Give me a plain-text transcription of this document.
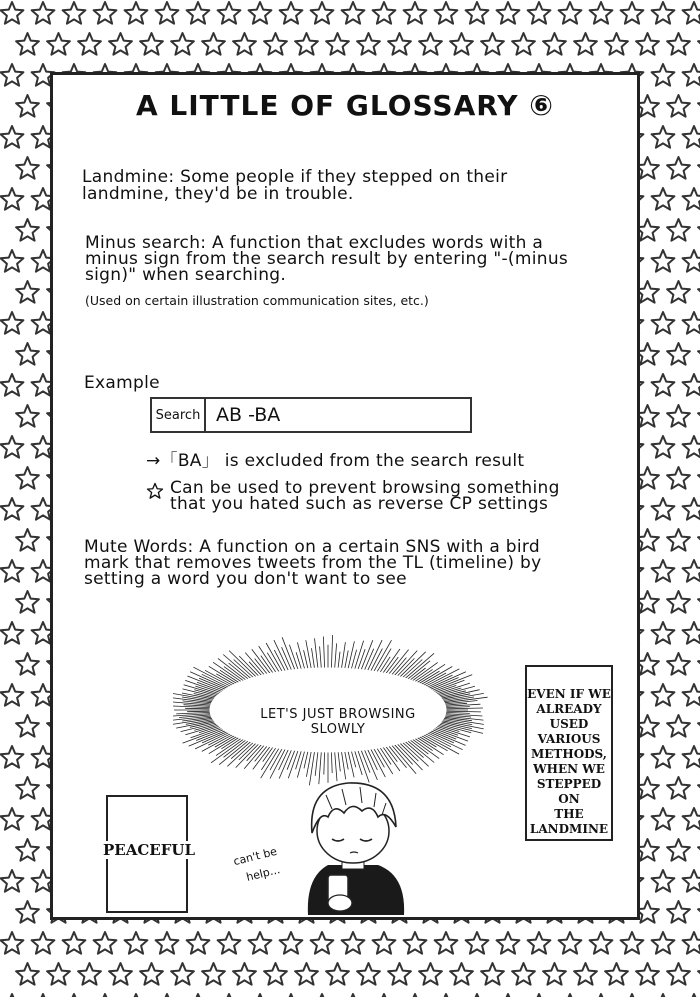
A LITTLE OF GLOSSARY ⑥
Landmine: Some people if they stepped on their
landmine, they'd be in trouble.
Minus search: A function that excludes words with a
minus sign from the search result by entering "-(minus
sign)" when searching.
(Used on certain illustration communication sites, etc.)
Example
Search AB -BA
→「BA」 is excluded from the search result
Can be used to prevent browsing something
that you hated such as reverse CP settings
Mute Words: A function on a certain SNS with a bird
mark that removes tweets from the TL (timeline) by
setting a word you don't want to see
LET'S JUST BROWSING
SLOWLY
EVEN IF WE
ALREADY
USED
VARIOUS
METHODS,
WHEN WE
STEPPED ON
THE
LANDMINE
PEACEFUL	can't be
help...
